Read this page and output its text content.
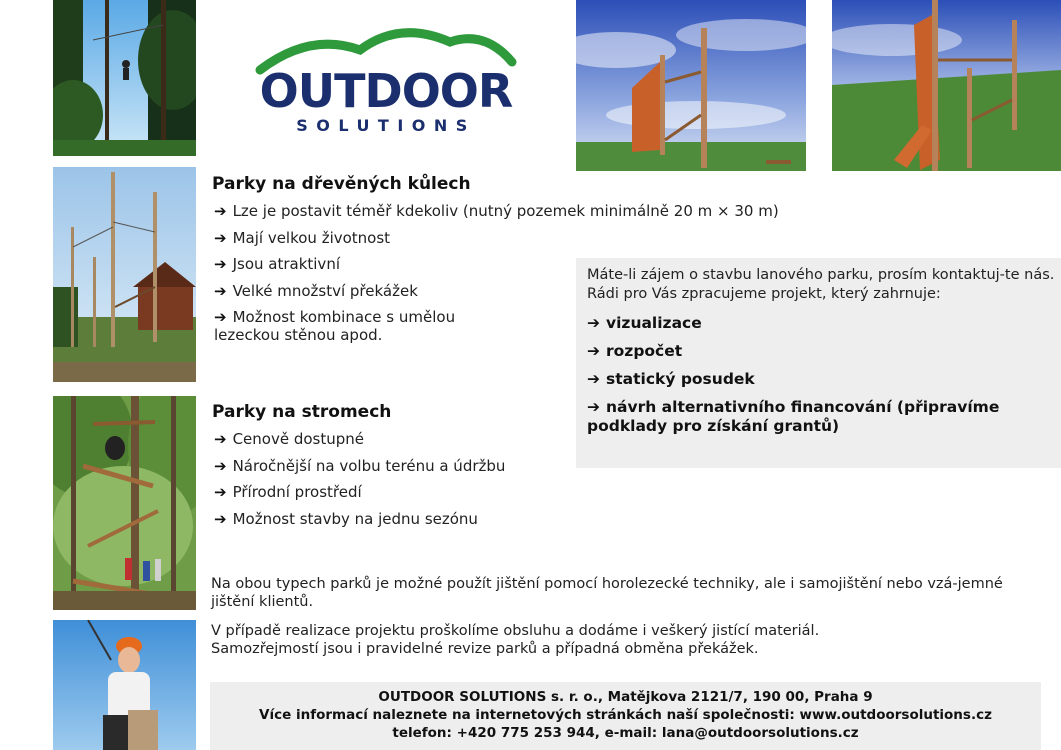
OUTDOOR
SOLUTIONS
Parky na dřevěných kůlech
➔ Lze je postavit téměř kdekoliv (nutný pozemek minimálně 20 m × 30 m)
➔ Mají velkou životnost
➔ Jsou atraktivní
➔ Velké množství překážek
➔ Možnost kombinace s umělou lezeckou stěnou apod.
Máte-li zájem o stavbu lanového parku, prosím kontaktuj-te nás. Rádi pro Vás zpracujeme projekt, který zahrnuje:
➔ vizualizace
➔ rozpočet
➔ statický posudek
➔ návrh alternativního financování (připravíme podklady pro získání grantů)
Parky na stromech
➔ Cenově dostupné
➔ Náročnější na volbu terénu a údržbu
➔ Přírodní prostředí
➔ Možnost stavby na jednu sezónu
Na obou typech parků je možné použít jištění pomocí horolezecké techniky, ale i samojištění nebo vzá-jemné jištění klientů.
V případě realizace projektu proškolíme obsluhu a dodáme i veškerý jistící materiál. Samozřejmostí jsou i pravidelné revize parků a případná obměna překážek.
OUTDOOR SOLUTIONS s. r. o., Matějkova 2121/7, 190 00, Praha 9
Více informací naleznete na internetových stránkách naší společnosti: www.outdoorsolutions.cz
telefon: +420 775 253 944, e-mail: lana@outdoorsolutions.cz
